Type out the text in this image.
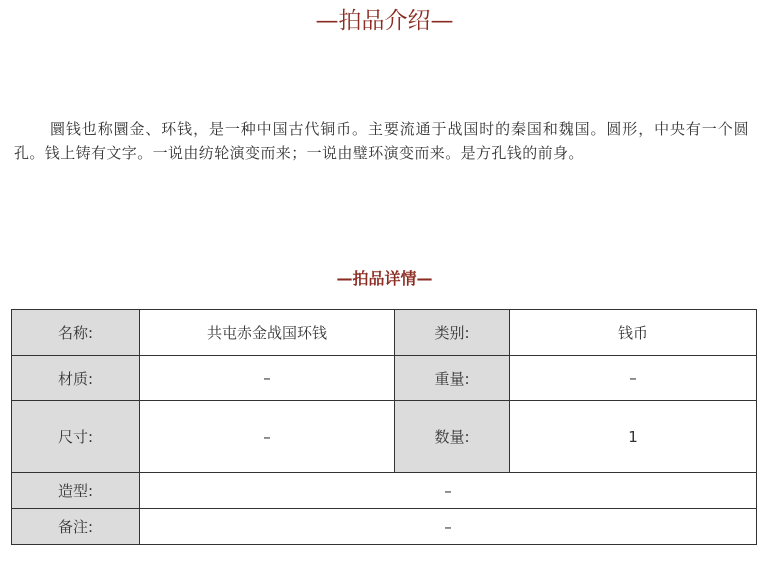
—拍品介绍—

圜钱也称圜金、环钱，是一种中国古代铜币。主要流通于战国时的秦国和魏国。圆形，中央有一个圆孔。钱上铸有文字。一说由纺轮演变而来；一说由璧环演变而来。是方孔钱的前身。

—拍品详情—
名称:	共屯赤金战国环钱	类别:	钱币
材质:	–	重量:	–
尺寸:	–	数量:	1
造型:	–		
备注:	–		
